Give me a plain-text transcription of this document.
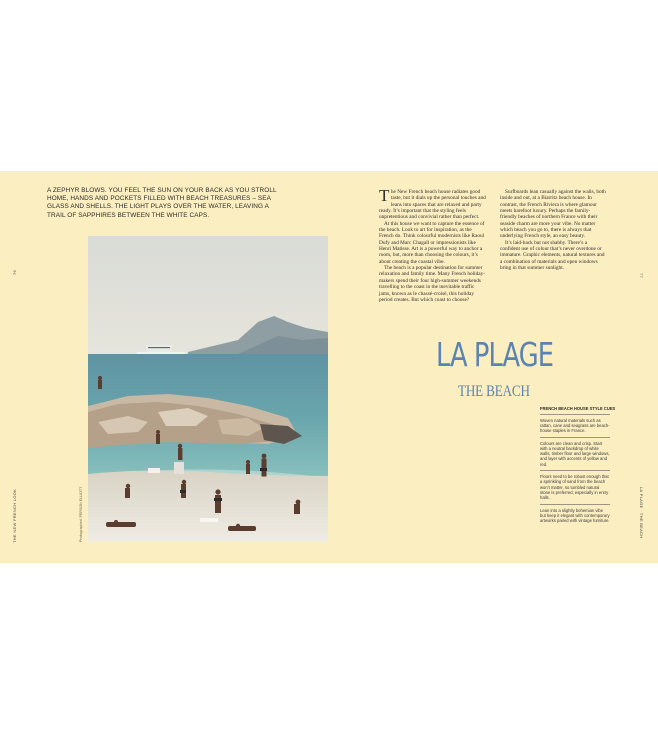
A ZEPHYR BLOWS. YOU FEEL THE SUN ON YOUR BACK AS YOU STROLL HOME, HANDS AND POCKETS FILLED WITH BEACH TREASURES – SEA GLASS AND SHELLS. THE LIGHT PLAYS OVER THE WATER, LEAVING A TRAIL OF SAPPHIRES BETWEEN THE WHITE CAPS.
Photographed: PERSON ELLIOTT
76
THE NEW FRENCH LOOK

The New French beach house radiates good taste, but it dials up the personal touches and leans into spaces that are relaxed and party ready. It’s important that the styling feels unpretentious and convivial rather than perfect.

At this house we want to capture the essence of the beach. Look to art for inspiration, as the French do. Think colourful modernists like Raoul Dufy and Marc Chagall or impressionists like Henri Matisse. Art is a powerful way to anchor a room, but, more than choosing the colours, it’s about creating the coastal vibe.

The beach is a popular destination for summer relaxation and family time. Many French holiday-makers spend their four high-summer weekends travelling to the coast in the inevitable traffic jams, known as le chassé-croisé, this holiday period creates. But which coast to choose?

Surfboards lean casually against the walls, both inside and out, at a Biarritz beach house. In contrast, the French Riviera is where glamour meets barefoot luxury. Perhaps the family-friendly beaches of northern France with their seaside charm are more your vibe. No matter which beach you go to, there is always that underlying French style, an easy beauty.

It’s laid-back but not shabby. There’s a confident use of colour that’s never overdone or immature. Graphic elements, natural textures and a combination of materials and open windows bring in that summer sunlight.

LA PLAGE
THE BEACH
FRENCH BEACH HOUSE STYLE CUES
Woven natural materials such as rattan, cane and seagrass are beach-house staples in France.
Colours are clean and crisp. Start with a neutral backdrop of white walls, timber floor and large windows, and layer with accents of yellow and red.
Floors need to be robust enough that a sprinkling of sand from the beach won’t matter, so tumbled natural stone is preferred, especially in entry halls.
Lean into a slightly bohemian vibe but keep it elegant with contemporary artworks paired with vintage furniture.
77
LA PLAGE · THE BEACH
